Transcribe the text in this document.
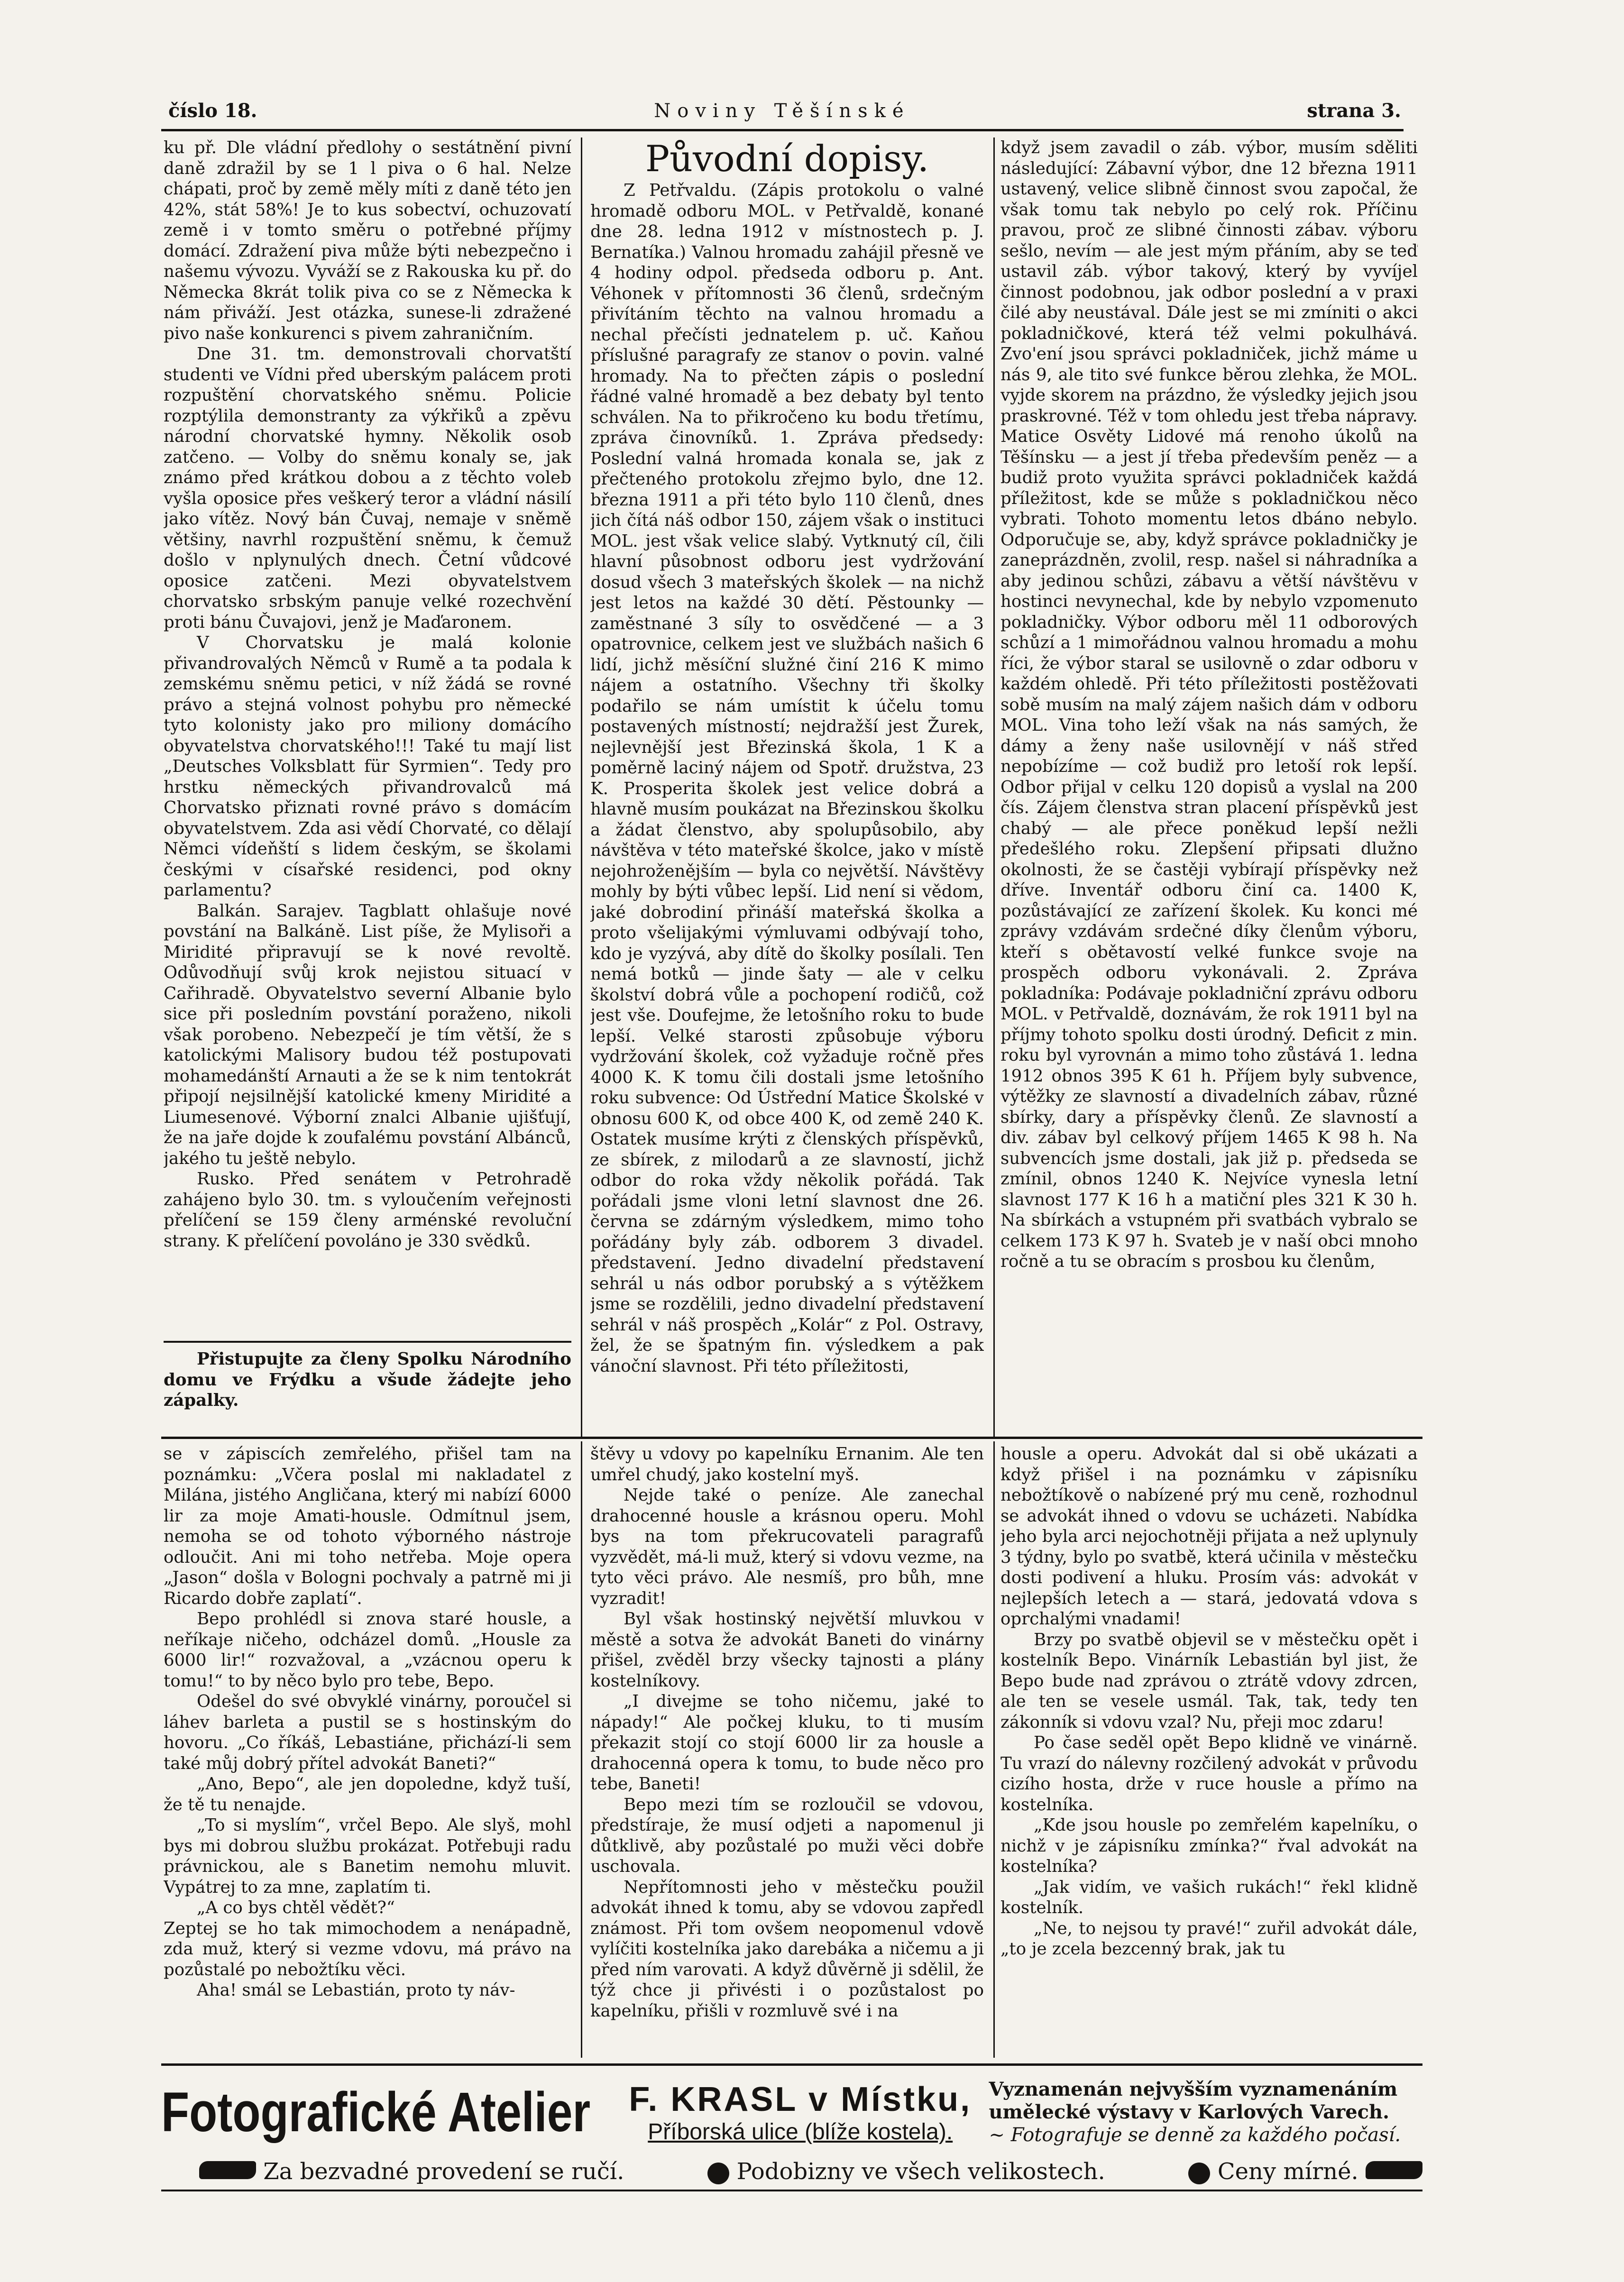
číslo 18.	Noviny Těšínské	strana 3.

ku př. Dle vládní předlohy o sestátnění pivní daně zdražil by se 1 l piva o 6 hal. Nelze chápati, proč by země měly míti z daně této jen 42%, stát 58%! Je to kus sobectví, ochuzovatí země i v tomto směru o potřebné příjmy domácí. Zdražení piva může býti nebezpečno i našemu vývozu. Vyváží se z Rakouska ku př. do Německa 8krát tolik piva co se z Německa k nám přiváží. Jest otázka, sunese-li zdražené pivo naše konkurenci s pivem zahraničním.

Dne 31. tm. demonstrovali chorvatští studenti ve Vídni před uberským palácem proti rozpuštění chorvatského sněmu. Policie rozptýlila demonstranty za výkřiků a zpěvu národní chorvatské hymny. Několik osob zatčeno. — Volby do sněmu konaly se, jak známo před krátkou dobou a z těchto voleb vyšla oposice přes veškerý teror a vládní násilí jako vítěz. Nový bán Čuvaj, nemaje v sněmě většiny, navrhl rozpuštění sněmu, k čemuž došlo v nplynulých dnech. Četní vůdcové oposice zatčeni. Mezi obyvatelstvem chorvatsko srbským panuje velké rozechvění proti bánu Čuvajovi, jenž je Maďaronem.

V Chorvatsku je malá kolonie přivandrovalých Němců v Rumě a ta podala k zemskému sněmu petici, v níž žádá se rovné právo a stejná volnost pohybu pro německé tyto kolonisty jako pro miliony domácího obyvatelstva chorvatského!!! Také tu mají list „Deutsches Volksblatt für Syrmien“. Tedy pro hrstku německých přivandrovalců má Chorvatsko přiznati rovné právo s domácím obyvatelstvem. Zda asi vědí Chorvaté, co dělají Němci vídeňští s lidem českým, se školami českými v císařské residenci, pod okny parlamentu?

Balkán. Sarajev. Tagblatt ohlašuje nové povstání na Balkáně. List píše, že Mylisoři a Miridité připravují se k nové revoltě. Odůvodňují svůj krok nejistou situací v Cařihradě. Obyvatelstvo severní Albanie bylo sice při posledním povstání poraženo, nikoli však porobeno. Nebezpečí je tím větší, že s katolickými Malisory budou též postupovati mohamedánští Arnauti a že se k nim tentokrát připojí nejsilnější katolické kmeny Miridité a Liumesenové. Výborní znalci Albanie ujišťují, že na jaře dojde k zoufalému povstání Albánců, jakého tu ještě nebylo.

Rusko. Před senátem v Petrohradě zahájeno bylo 30. tm. s vyloučením veřejnosti přelíčení se 159 členy arménské revoluční strany. K přelíčení povoláno je 330 svědků.

Přistupujte za členy Spolku Národního domu ve Frýdku a všude žádejte jeho zápalky.

Původní dopisy.

Z Petřvaldu. (Zápis protokolu o valné hromadě odboru MOL. v Petřvaldě, konané dne 28. ledna 1912 v místnostech p. J. Bernatíka.) Valnou hromadu zahájil přesně ve 4 hodiny odpol. předseda odboru p. Ant. Véhonek v přítomnosti 36 členů, srdečným přivítáním těchto na valnou hromadu a nechal přečísti jednatelem p. uč. Kaňou příslušné paragrafy ze stanov o povin. valné hromady. Na to přečten zápis o poslední řádné valné hromadě a bez debaty byl tento schválen. Na to přikročeno ku bodu třetímu, zpráva činovníků. 1. Zpráva předsedy: Poslední valná hromada konala se, jak z přečteného protokolu zřejmo bylo, dne 12. března 1911 a při této bylo 110 členů, dnes jich čítá náš odbor 150, zájem však o instituci MOL. jest však velice slabý. Vytknutý cíl, čili hlavní působnost odboru jest vydržování dosud všech 3 mateřských školek — na nichž jest letos na každé 30 dětí. Pěstounky — zaměstnané 3 síly to osvědčené — a 3 opatrovnice, celkem jest ve službách našich 6 lidí, jichž měsíční služné činí 216 K mimo nájem a ostatního. Všechny tři školky podařilo se nám umístit k účelu tomu postavených místností; nejdražší jest Žurek, nejlevnější jest Březinská škola, 1 K a poměrně laciný nájem od Spotř. družstva, 23 K. Prosperita školek jest velice dobrá a hlavně musím poukázat na Březinskou školku a žádat členstvo, aby spolupůsobilo, aby návštěva v této mateřské školce, jako v místě nejohroženějším — byla co největší. Návštěvy mohly by býti vůbec lepší. Lid není si vědom, jaké dobrodiní přináší mateřská školka a proto všelijakými výmluvami odbývají toho, kdo je vyzývá, aby dítě do školky posílali. Ten nemá botků — jinde šaty — ale v celku školství dobrá vůle a pochopení rodičů, což jest vše. Doufejme, že letošního roku to bude lepší. Velké starosti způsobuje výboru vydržování školek, což vyžaduje ročně přes 4000 K. K tomu čili dostali jsme letošního roku subvence: Od Ústřední Matice Školské v obnosu 600 K, od obce 400 K, od země 240 K. Ostatek musíme krýti z členských příspěvků, ze sbírek, z milodarů a ze slavností, jichž odbor do roka vždy několik pořádá. Tak pořádali jsme vloni letní slavnost dne 26. června se zdárným výsledkem, mimo toho pořádány byly záb. odborem 3 divadel. představení. Jedno divadelní představení sehrál u nás odbor porubský a s výtěžkem jsme se rozdělili, jedno divadelní představení sehrál v náš prospěch „Kolár“ z Pol. Ostravy, žel, že se špatným fin. výsledkem a pak vánoční slavnost. Při této příležitosti,

když jsem zavadil o záb. výbor, musím sděliti následující: Zábavní výbor, dne 12 března 1911 ustavený, velice slibně činnost svou započal, že však tomu tak nebylo po celý rok. Příčinu pravou, proč ze slibné činnosti zábav. výboru sešlo, nevím — ale jest mým přáním, aby se teď ustavil záb. výbor takový, který by vyvíjel činnost podobnou, jak odbor poslední a v praxi čilé aby neustával. Dále jest se mi zmíniti o akci pokladničkové, která též velmi pokulhává. Zvo'ení jsou správci pokladniček, jichž máme u nás 9, ale tito své funkce běrou zlehka, že MOL. vyjde skorem na prázdno, že výsledky jejich jsou praskrovné. Též v tom ohledu jest třeba nápravy. Matice Osvěty Lidové má renoho úkolů na Těšínsku — a jest jí třeba především peněz — a budiž proto využita správci pokladniček každá příležitost, kde se může s pokladničkou něco vybrati. Tohoto momentu letos dbáno nebylo. Odporučuje se, aby, když správce pokladničky je zaneprázdněn, zvolil, resp. našel si náhradníka a aby jedinou schůzi, zábavu a větší návštěvu v hostinci nevynechal, kde by nebylo vzpomenuto pokladničky. Výbor odboru měl 11 odborových schůzí a 1 mimořádnou valnou hromadu a mohu říci, že výbor staral se usilovně o zdar odboru v každém ohledě. Při této příležitosti postěžovati sobě musím na malý zájem našich dám v odboru MOL. Vina toho leží však na nás samých, že dámy a ženy naše usilovnějí v náš střed nepobízíme — což budiž pro letoší rok lepší. Odbor přijal v celku 120 dopisů a vyslal na 200 čís. Zájem členstva stran placení příspěvků jest chabý — ale přece poněkud lepší nežli předešlého roku. Zlepšení připsati dlužno okolnosti, že se častěji vybírají příspěvky než dříve. Inventář odboru činí ca. 1400 K, pozůstávající ze zařízení školek. Ku konci mé zprávy vzdávám srdečné díky členům výboru, kteří s obětavostí velké funkce svoje na prospěch odboru vykonávali. 2. Zpráva pokladníka: Podávaje pokladniční zprávu odboru MOL. v Petřvaldě, doznávám, že rok 1911 byl na příjmy tohoto spolku dosti úrodný. Deficit z min. roku byl vyrovnán a mimo toho zůstává 1. ledna 1912 obnos 395 K 61 h. Příjem byly subvence, výtěžky ze slavností a divadelních zábav, různé sbírky, dary a příspěvky členů. Ze slavností a div. zábav byl celkový příjem 1465 K 98 h. Na subvencích jsme dostali, jak již p. předseda se zmínil, obnos 1240 K. Nejvíce vynesla letní slavnost 177 K 16 h a matiční ples 321 K 30 h. Na sbírkách a vstupném při svatbách vybralo se celkem 173 K 97 h. Svateb je v naší obci mnoho ročně a tu se obracím s prosbou ku členům,

se v zápiscích zemřelého, přišel tam na poznámku: „Včera poslal mi nakladatel z Milána, jistého Angličana, který mi nabízí 6000 lir za moje Amati-housle. Odmítnul jsem, nemoha se od tohoto výborného nástroje odloučit. Ani mi toho netřeba. Moje opera „Jason“ došla v Bologni pochvaly a patrně mi ji Ricardo dobře zaplatí“.

Bepo prohlédl si znova staré housle, a neříkaje ničeho, odcházel domů. „Housle za 6000 lir!“ rozvažoval, a „vzácnou operu k tomu!“ to by něco bylo pro tebe, Bepo.

Odešel do své obvyklé vinárny, poroučel si láhev barleta a pustil se s hostinským do hovoru. „Co říkáš, Lebastiáne, přichází-li sem také můj dobrý přítel advokát Baneti?“

„Ano, Bepo“, ale jen dopoledne, když tuší, že tě tu nenajde.

„To si myslím“, vrčel Bepo. Ale slyš, mohl bys mi dobrou službu prokázat. Potřebuji radu právnickou, ale s Banetim nemohu mluvit. Vypátrej to za mne, zaplatím ti.

„A co bys chtěl vědět?“

Zeptej se ho tak mimochodem a nenápadně, zda muž, který si vezme vdovu, má právo na pozůstalé po nebožtíku věci.

Aha! smál se Lebastián, proto ty náv-

štěvy u vdovy po kapelníku Ernanim. Ale ten umřel chudý, jako kostelní myš.

Nejde také o peníze. Ale zanechal drahocenné housle a krásnou operu. Mohl bys na tom překrucovateli paragrafů vyzvědět, má-li muž, který si vdovu vezme, na tyto věci právo. Ale nesmíš, pro bůh, mne vyzradit!

Byl však hostinský největší mluvkou v městě a sotva že advokát Baneti do vinárny přišel, zvěděl brzy všecky tajnosti a plány kostelníkovy.

„I divejme se toho ničemu, jaké to nápady!“ Ale počkej kluku, to ti musím překazit stojí co stojí 6000 lir za housle a drahocenná opera k tomu, to bude něco pro tebe, Baneti!

Bepo mezi tím se rozloučil se vdovou, předstíraje, že musí odjeti a napomenul ji důtklivě, aby pozůstalé po muži věci dobře uschovala.

Nepřítomnosti jeho v městečku použil advokát ihned k tomu, aby se vdovou zapředl známost. Při tom ovšem neopomenul vdově vylíčiti kostelníka jako darebáka a ničemu a ji před ním varovati. A když důvěrně ji sdělil, že týž chce ji přivésti i o pozůstalost po kapelníku, přišli v rozmluvě své i na

housle a operu. Advokát dal si obě ukázati a když přišel i na poznámku v zápisníku nebožtíkově o nabízené prý mu ceně, rozhodnul se advokát ihned o vdovu se ucházeti. Nabídka jeho byla arci nejochotněji přijata a než uplynuly 3 týdny, bylo po svatbě, která učinila v městečku dosti podivení a hluku. Prosím vás: advokát v nejlepších letech a — stará, jedovatá vdova s oprchalými vnadami!

Brzy po svatbě objevil se v městečku opět i kostelník Bepo. Vinárník Lebastián byl jist, že Bepo bude nad zprávou o ztrátě vdovy zdrcen, ale ten se vesele usmál. Tak, tak, tedy ten zákonník si vdovu vzal? Nu, přeji moc zdaru!

Po čase seděl opět Bepo klidně ve vinárně. Tu vrazí do nálevny rozčilený advokát v průvodu cizího hosta, drže v ruce housle a přímo na kostelníka.

„Kde jsou housle po zemřelém kapelníku, o nichž v je zápisníku zmínka?“ řval advokát na kostelníka?

„Jak vidím, ve vašich rukách!“ řekl klidně kostelník.

„Ne, to nejsou ty pravé!“ zuřil advokát dále, „to je zcela bezcenný brak, jak tu

Fotografické Atelier	F. KRASL v Místku,
Příborská ulice (blíže kostela).
Vyznamenán nejvyšším vyznamenáním
umělecké výstavy v Karlových Varech.
~ Fotografuje se denně za každého počasí.
Za bezvadné provedení se ručí.	Podobizny ve všech velikostech.	Ceny mírné.
